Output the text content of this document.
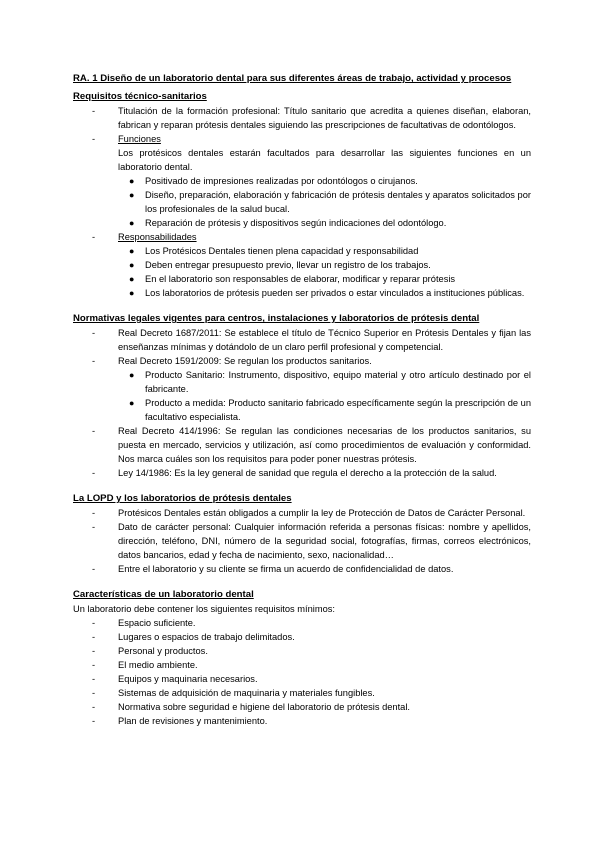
RA. 1 Diseño de un laboratorio dental para sus diferentes áreas de trabajo, actividad y procesos

Requisitos técnico-sanitarios

-	Titulación de la formación profesional: Título sanitario que acredita a quienes diseñan, elaboran, fabrican y reparan prótesis dentales siguiendo las prescripciones de facultativas de odontólogos.
-	Funciones

Los protésicos dentales estarán facultados para desarrollar las siguientes funciones en un laboratorio dental.

●	Positivado de impresiones realizadas por odontólogos o cirujanos.
●	Diseño, preparación, elaboración y fabricación de prótesis dentales y aparatos solicitados por los profesionales de la salud bucal.
●	Reparación de prótesis y dispositivos según indicaciones del odontólogo.
-	Responsabilidades
●	Los Protésicos Dentales tienen plena capacidad y responsabilidad
●	Deben entregar presupuesto previo, llevar un registro de los trabajos.
●	En el laboratorio son responsables de elaborar, modificar y reparar prótesis
●	Los laboratorios de prótesis pueden ser privados o estar vinculados a instituciones públicas.

Normativas legales vigentes para centros, instalaciones y laboratorios de prótesis dental

-	Real Decreto 1687/2011: Se establece el título de Técnico Superior en Prótesis Dentales y fijan las enseñanzas mínimas y dotándolo de un claro perfil profesional y competencial.
-	Real Decreto 1591/2009: Se regulan los productos sanitarios.
●	Producto Sanitario: Instrumento, dispositivo, equipo material y otro artículo destinado por el fabricante.
●	Producto a medida: Producto sanitario fabricado específicamente según la prescripción de un facultativo especialista.
-	Real Decreto 414/1996: Se regulan las condiciones necesarias de los productos sanitarios, su puesta en mercado, servicios y utilización, así como procedimientos de evaluación y conformidad. Nos marca cuáles son los requisitos para poder poner nuestras prótesis.
-	Ley 14/1986: Es la ley general de sanidad que regula el derecho a la protección de la salud.

La LOPD y los laboratorios de prótesis dentales

-	Protésicos Dentales están obligados a cumplir la ley de Protección de Datos de Carácter Personal.
-	Dato de carácter personal: Cualquier información referida a personas físicas: nombre y apellidos, dirección, teléfono, DNI, número de la seguridad social, fotografías, firmas, correos electrónicos, datos bancarios, edad y fecha de nacimiento, sexo, nacionalidad…
-	Entre el laboratorio y su cliente se firma un acuerdo de confidencialidad de datos.

Características de un laboratorio dental

Un laboratorio debe contener los siguientes requisitos mínimos:

-	Espacio suficiente.
-	Lugares o espacios de trabajo delimitados.
-	Personal y productos.
-	El medio ambiente.
-	Equipos y maquinaria necesarios.
-	Sistemas de adquisición de maquinaria y materiales fungibles.
-	Normativa sobre seguridad e higiene del laboratorio de prótesis dental.
-	Plan de revisiones y mantenimiento.
